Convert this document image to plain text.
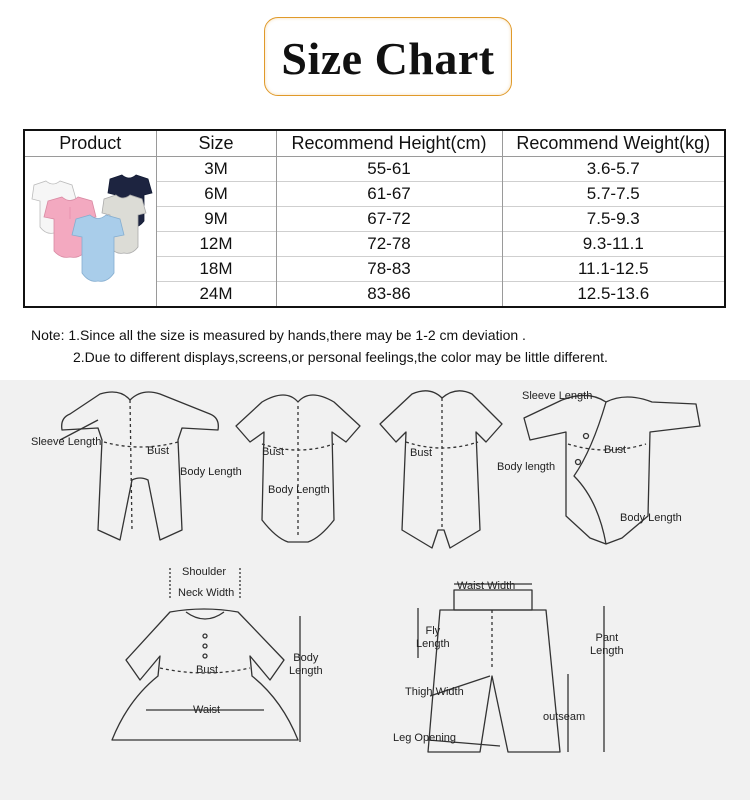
Size Chart
Product	Size	Recommend Height(cm)	Recommend Weight(kg)
	3M	55-61	3.6-5.7
	6M	61-67	5.7-7.5
	9M	67-72	7.5-9.3
	12M	72-78	9.3-11.1
	18M	78-83	11.1-12.5
	24M	83-86	12.5-13.6
Note: 1.Since all the size is measured by hands,there may be 1-2 cm deviation .
2.Due to different displays,screens,or personal feelings,the color may be little different.
Sleeve Length
Bust
Body Length
Bust
Body Length
Bust
Body length
Sleeve Length
Bust
Body Length
Shoulder
Neck Width
Bust
Waist
Body
Length
Waist Width
Fly
Length	Pant
Length
Thigh Width
outseam
Leg Opening
